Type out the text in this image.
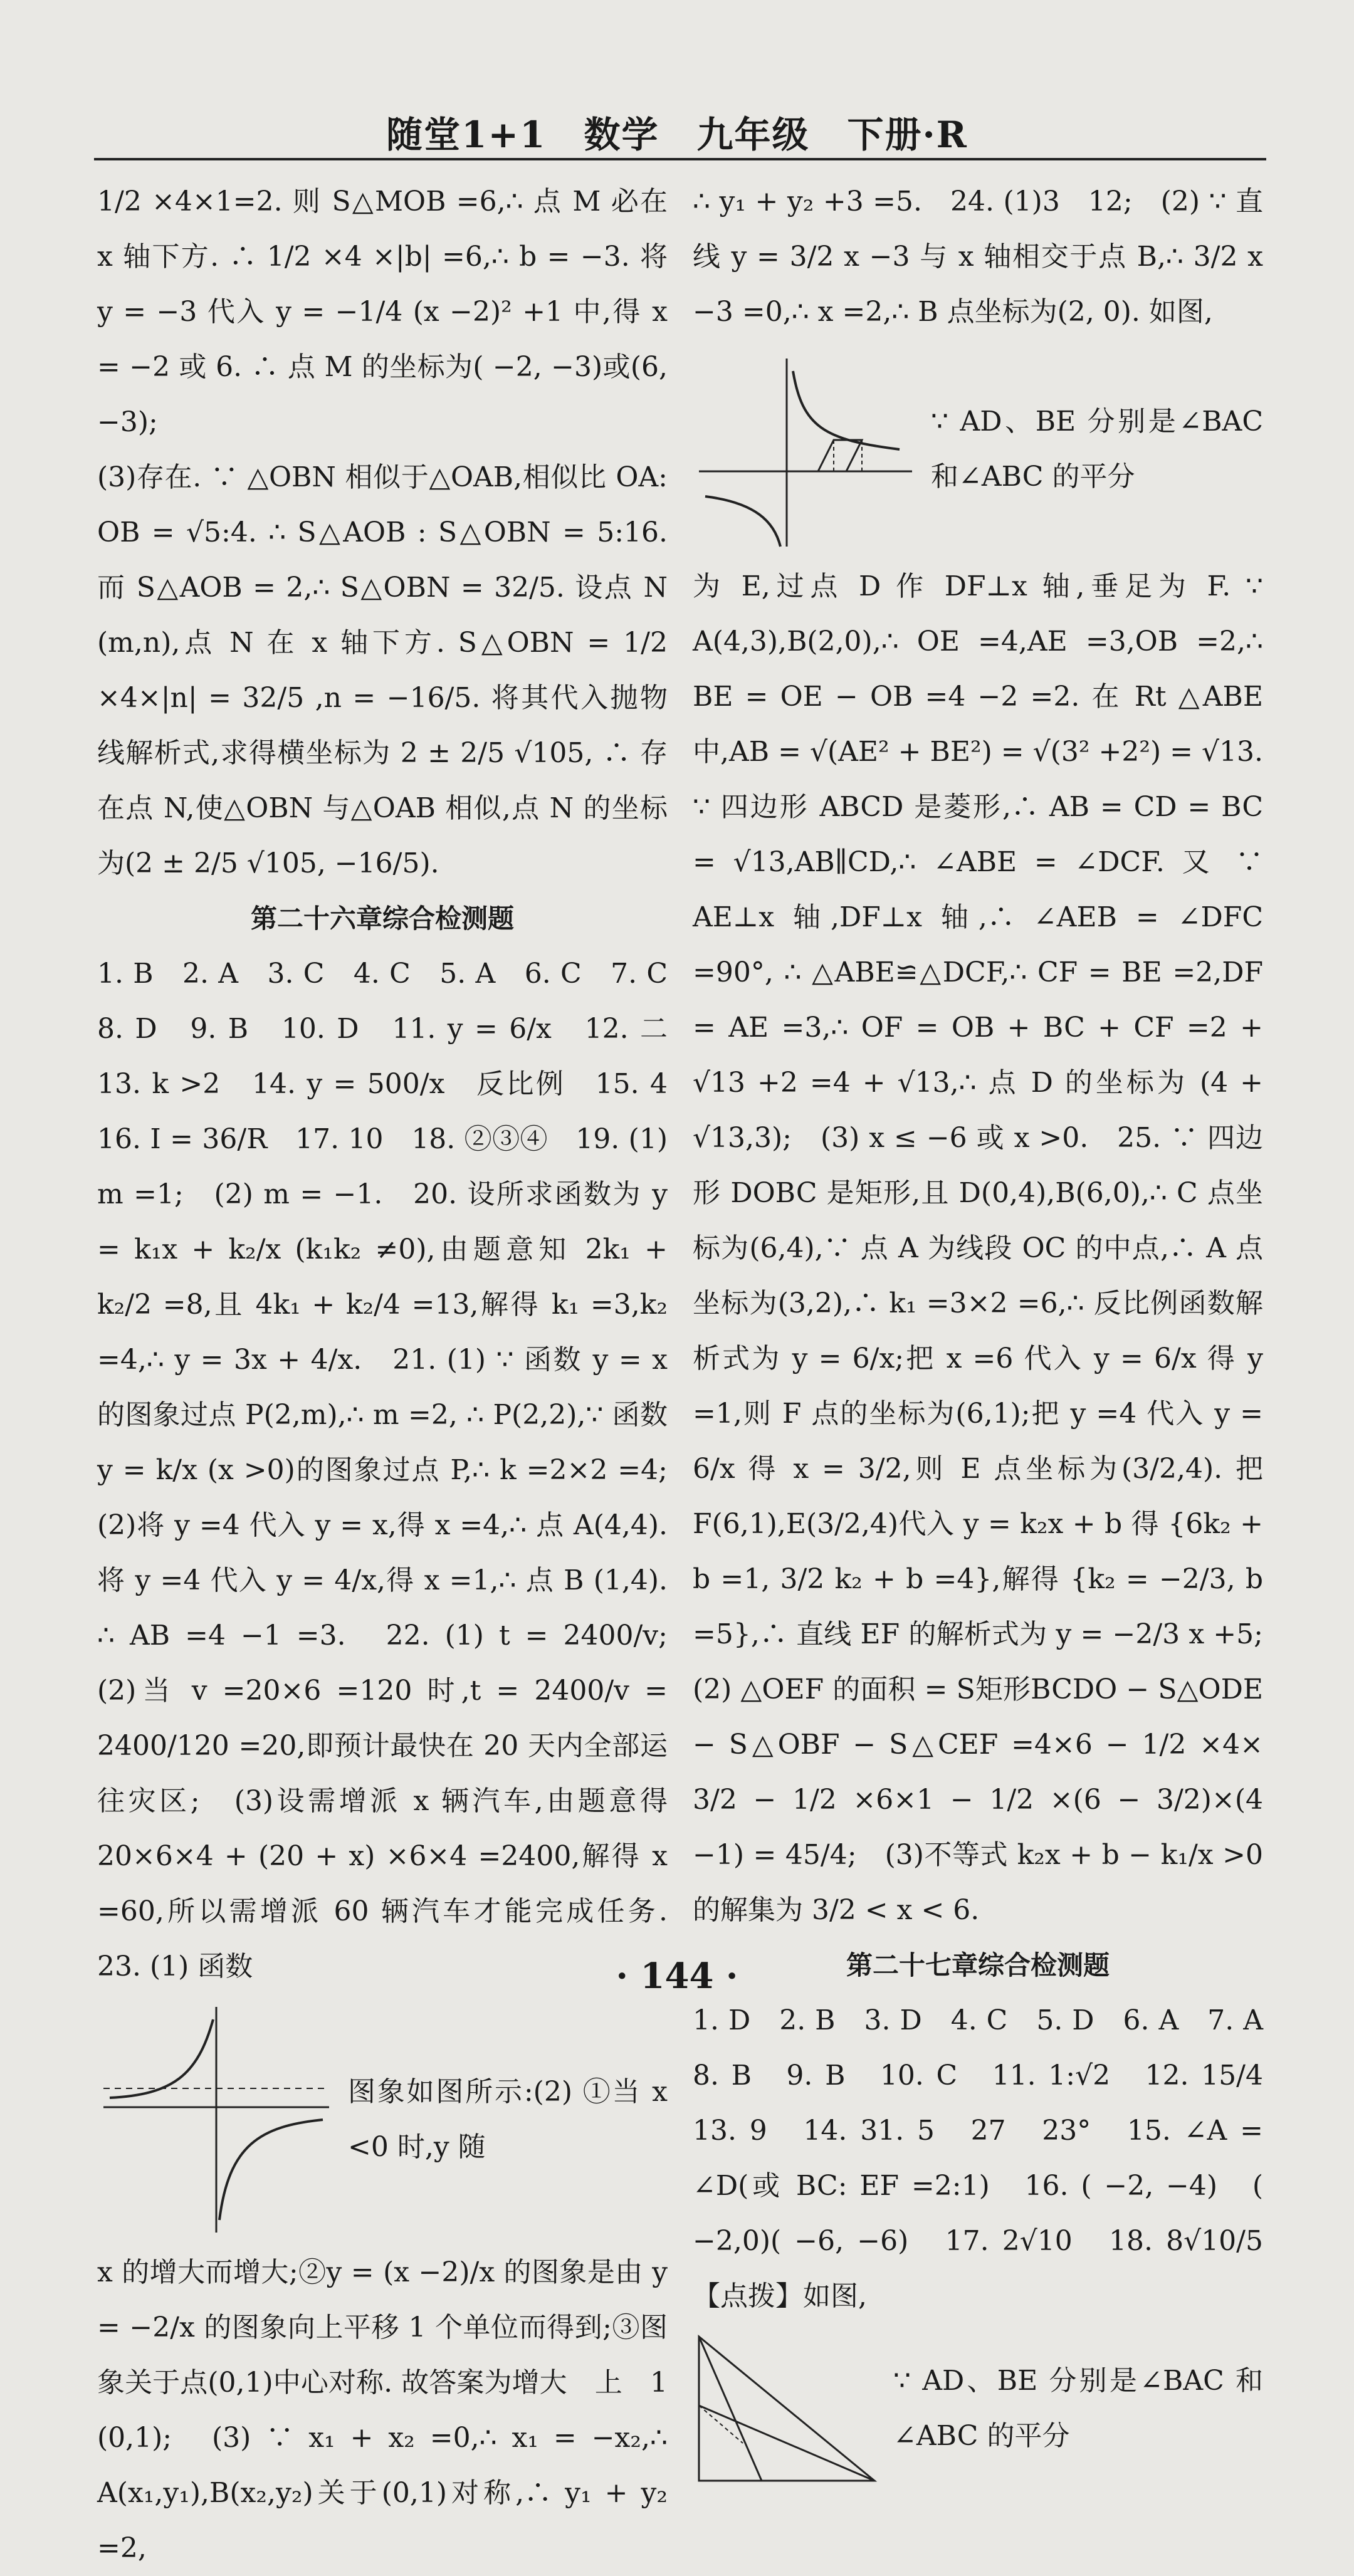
随堂1+1　数学　九年级　下册·R

1/2 ×4×1=2. 则 S△MOB =6,∴ 点 M 必在 x 轴下方. ∴ 1/2 ×4 ×|b| =6,∴ b = −3. 将 y = −3 代入 y = −1/4 (x −2)² +1 中,得 x = −2 或 6. ∴ 点 M 的坐标为( −2, −3)或(6, −3);

(3)存在. ∵ △OBN 相似于△OAB,相似比 OA: OB = √5:4. ∴ S△AOB : S△OBN = 5:16. 而 S△AOB = 2,∴ S△OBN = 32/5. 设点 N (m,n),点 N 在 x 轴下方. S△OBN = 1/2 ×4×|n| = 32/5 ,n = −16/5. 将其代入抛物线解析式,求得横坐标为 2 ± 2/5 √105, ∴ 存在点 N,使△OBN 与△OAB 相似,点 N 的坐标为(2 ± 2/5 √105, −16/5).

第二十六章综合检测题

1. B　2. A　3. C　4. C　5. A　6. C　7. C　8. D　9. B　10. D　11. y = 6/x　12. 二　13. k >2　14. y = 500/x　反比例　15. 4　16. I = 36/R　17. 10　18. ②③④　19. (1) m =1;　(2) m = −1.　20. 设所求函数为 y = k₁x + k₂/x (k₁k₂ ≠0),由题意知 2k₁ + k₂/2 =8,且 4k₁ + k₂/4 =13,解得 k₁ =3,k₂ =4,∴ y = 3x + 4/x.　21. (1) ∵ 函数 y = x 的图象过点 P(2,m),∴ m =2, ∴ P(2,2),∵ 函数 y = k/x (x >0)的图象过点 P,∴ k =2×2 =4;　(2)将 y =4 代入 y = x,得 x =4,∴ 点 A(4,4). 将 y =4 代入 y = 4/x,得 x =1,∴ 点 B (1,4). ∴ AB =4 −1 =3.　22. (1) t = 2400/v;　(2)当 v =20×6 =120 时,t = 2400/v = 2400/120 =20,即预计最快在 20 天内全部运往灾区;　(3)设需增派 x 辆汽车,由题意得 20×6×4 + (20 + x) ×6×4 =2400,解得 x =60,所以需增派 60 辆汽车才能完成任务.　23. (1) 函数

图象如图所示:(2) ①当 x <0 时,y 随

x 的增大而增大;②y = (x −2)/x 的图象是由 y = −2/x 的图象向上平移 1 个单位而得到;③图象关于点(0,1)中心对称. 故答案为增大　上　1　(0,1);　(3) ∵ x₁ + x₂ =0,∴ x₁ = −x₂,∴ A(x₁,y₁),B(x₂,y₂)关于(0,1)对称,∴ y₁ + y₂ =2,

∴ y₁ + y₂ +3 =5.　24. (1)3　12;　(2) ∵ 直线 y = 3/2 x −3 与 x 轴相交于点 B,∴ 3/2 x −3 =0,∴ x =2,∴ B 点坐标为(2, 0). 如图,

∵ AD、BE 分别是∠BAC 和∠ABC 的平分

为 E,过点 D 作 DF⊥x 轴,垂足为 F. ∵ A(4,3),B(2,0),∴ OE =4,AE =3,OB =2,∴ BE = OE − OB =4 −2 =2. 在 Rt △ABE 中,AB = √(AE² + BE²) = √(3² +2²) = √13. ∵ 四边形 ABCD 是菱形,∴ AB = CD = BC = √13,AB∥CD,∴ ∠ABE = ∠DCF. 又 ∵ AE⊥x 轴,DF⊥x 轴,∴ ∠AEB = ∠DFC =90°, ∴ △ABE≌△DCF,∴ CF = BE =2,DF = AE =3,∴ OF = OB + BC + CF =2 + √13 +2 =4 + √13,∴ 点 D 的坐标为 (4 + √13,3);　(3) x ≤ −6 或 x >0.　25. ∵ 四边形 DOBC 是矩形,且 D(0,4),B(6,0),∴ C 点坐标为(6,4),∵ 点 A 为线段 OC 的中点,∴ A 点坐标为(3,2),∴ k₁ =3×2 =6,∴ 反比例函数解析式为 y = 6/x;把 x =6 代入 y = 6/x 得 y =1,则 F 点的坐标为(6,1);把 y =4 代入 y = 6/x 得 x = 3/2,则 E 点坐标为(3/2,4). 把 F(6,1),E(3/2,4)代入 y = k₂x + b 得 {6k₂ + b =1, 3/2 k₂ + b =4},解得 {k₂ = −2/3, b =5},∴ 直线 EF 的解析式为 y = −2/3 x +5;　(2) △OEF 的面积 = S矩形BCDO − S△ODE − S△OBF − S△CEF =4×6 − 1/2 ×4× 3/2 − 1/2 ×6×1 − 1/2 ×(6 − 3/2)×(4 −1) = 45/4;　(3)不等式 k₂x + b − k₁/x >0 的解集为 3/2 < x < 6.

第二十七章综合检测题

1. D　2. B　3. D　4. C　5. D　6. A　7. A　8. B　9. B　10. C　11. 1:√2　12. 15/4　13. 9　14. 31. 5　27　23°　15. ∠A = ∠D(或 BC: EF =2:1)　16. ( −2, −4)　( −2,0)( −6, −6)　17. 2√10　18. 8√10/5　【点拨】如图,

∵ AD、BE 分别是∠BAC 和∠ABC 的平分
· 144 ·
